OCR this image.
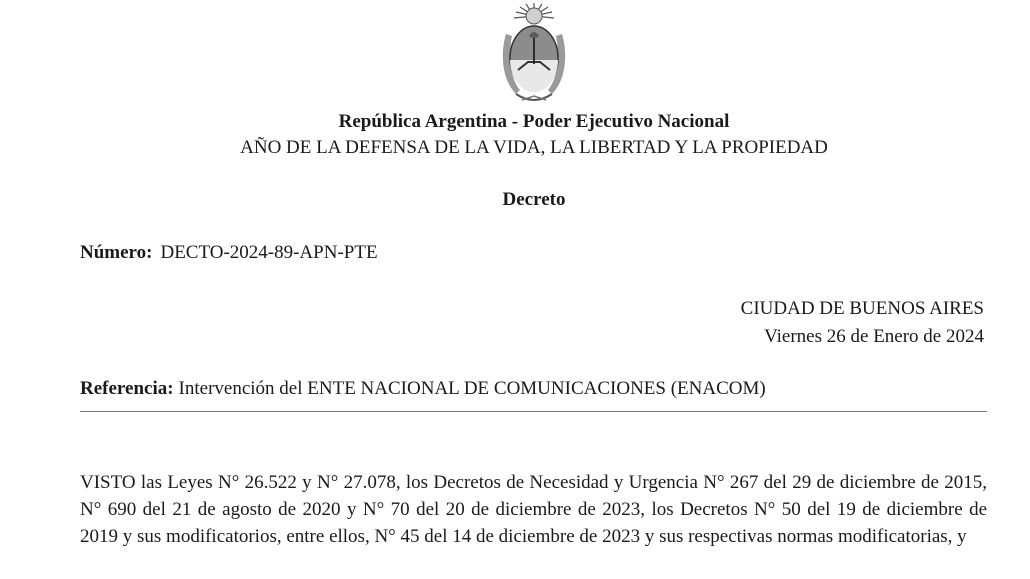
República Argentina - Poder Ejecutivo Nacional
AÑO DE LA DEFENSA DE LA VIDA, LA LIBERTAD Y LA PROPIEDAD
Decreto
Número: DECTO-2024-89-APN-PTE
CIUDAD DE BUENOS AIRES
Viernes 26 de Enero de 2024
Referencia: Intervención del ENTE NACIONAL DE COMUNICACIONES (ENACOM)

VISTO las Leyes N° 26.522 y N° 27.078, los Decretos de Necesidad y Urgencia N° 267 del 29 de diciembre de 2015, N° 690 del 21 de agosto de 2020 y N° 70 del 20 de diciembre de 2023, los Decretos N° 50 del 19 de diciembre de 2019 y sus modificatorios, entre ellos, N° 45 del 14 de diciembre de 2023 y sus respectivas normas modificatorias, y
